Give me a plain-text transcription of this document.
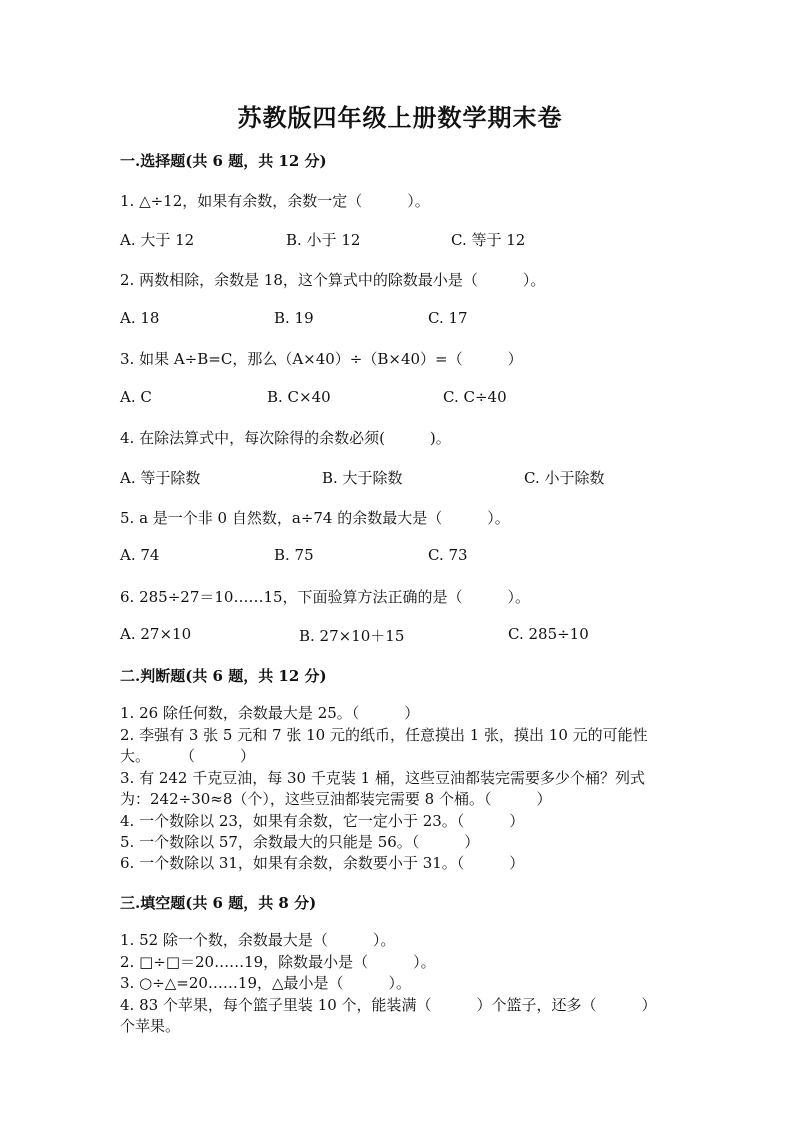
苏教版四年级上册数学期末卷
一.选择题(共 6 题，共 12 分)
1. △÷12，如果有余数，余数一定（　　　）。
A. 大于 12	B. 小于 12	C. 等于 12
2. 两数相除，余数是 18，这个算式中的除数最小是（　　　）。
A. 18	B. 19	C. 17
3. 如果 A÷B=C，那么（A×40）÷（B×40）=（　　　）
A. C	B. C×40	C. C÷40
4. 在除法算式中，每次除得的余数必须(　　　)。
A. 等于除数	B. 大于除数	C. 小于除数
5. a 是一个非 0 自然数，a÷74 的余数最大是（　　　）。
A. 74	B. 75	C. 73
6. 285÷27＝10……15，下面验算方法正确的是（　　　）。
A. 27×10	B. 27×10＋15	C. 285÷10
二.判断题(共 6 题，共 12 分)
1. 26 除任何数，余数最大是 25。（　　　）
2. 李强有 3 张 5 元和 7 张 10 元的纸币，任意摸出 1 张，摸出 10 元的可能性
大。　　　（　　　）
3. 有 242 千克豆油，每 30 千克装 1 桶，这些豆油都装完需要多少个桶？列式
为：242÷30≈8（个），这些豆油都装完需要 8 个桶。（　　　）
4. 一个数除以 23，如果有余数，它一定小于 23。（　　　）
5. 一个数除以 57，余数最大的只能是 56。（　　　）
6. 一个数除以 31，如果有余数，余数要小于 31。（　　　）
三.填空题(共 6 题，共 8 分)
1. 52 除一个数，余数最大是（　　　）。
2. □÷□＝20……19，除数最小是（　　　）。
3. ○÷△=20……19，△最小是（　　　）。
4. 83 个苹果，每个篮子里装 10 个，能装满（　　　）个篮子，还多（　　　）
个苹果。
